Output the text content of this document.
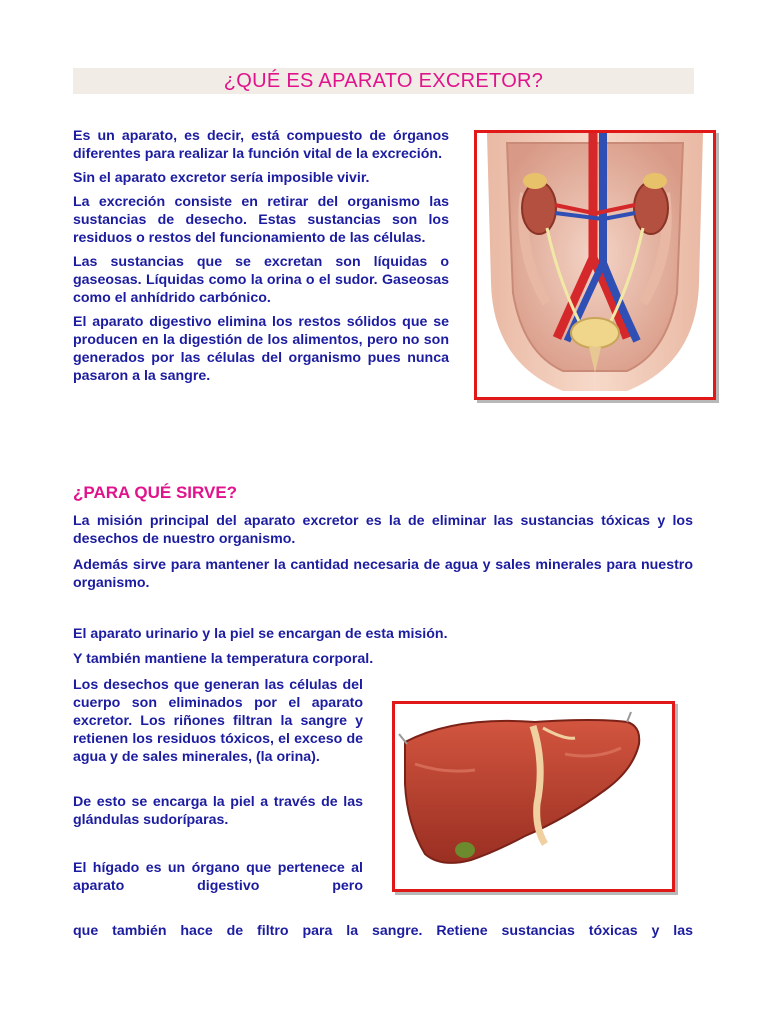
¿QUÉ ES APARATO EXCRETOR?

Es un aparato, es decir, está compuesto de órganos diferentes para realizar la función vital de la excreción.

Sin el aparato excretor sería imposible vivir.

La excreción consiste en retirar del organismo las sustancias de desecho. Estas sustancias son los residuos o restos del funcionamiento de las células.

Las sustancias que se excretan son líquidas o gaseosas. Líquidas como la orina o el sudor. Gaseosas como el anhídrido carbónico.

El aparato digestivo elimina los restos sólidos que se producen en la digestión de los alimentos, pero no son generados por las células del organismo pues nunca pasaron a la sangre.

¿PARA QUÉ SIRVE?

La misión principal del aparato excretor es la de eliminar las sustancias tóxicas y los desechos de nuestro organismo.

Además sirve para mantener la cantidad necesaria de agua y sales minerales para nuestro organismo.

El aparato urinario y la piel se encargan de esta misión.

Y también mantiene la temperatura corporal.

Los desechos que generan las células del cuerpo son eliminados por el aparato excretor. Los riñones filtran la sangre y retienen los residuos tóxicos, el exceso de agua y de sales minerales, (la orina).

De esto se encarga la piel a través de las glándulas sudoríparas.

El hígado es un órgano que pertenece al aparato digestivo pero

que también hace de filtro para la sangre. Retiene sustancias tóxicas y las
